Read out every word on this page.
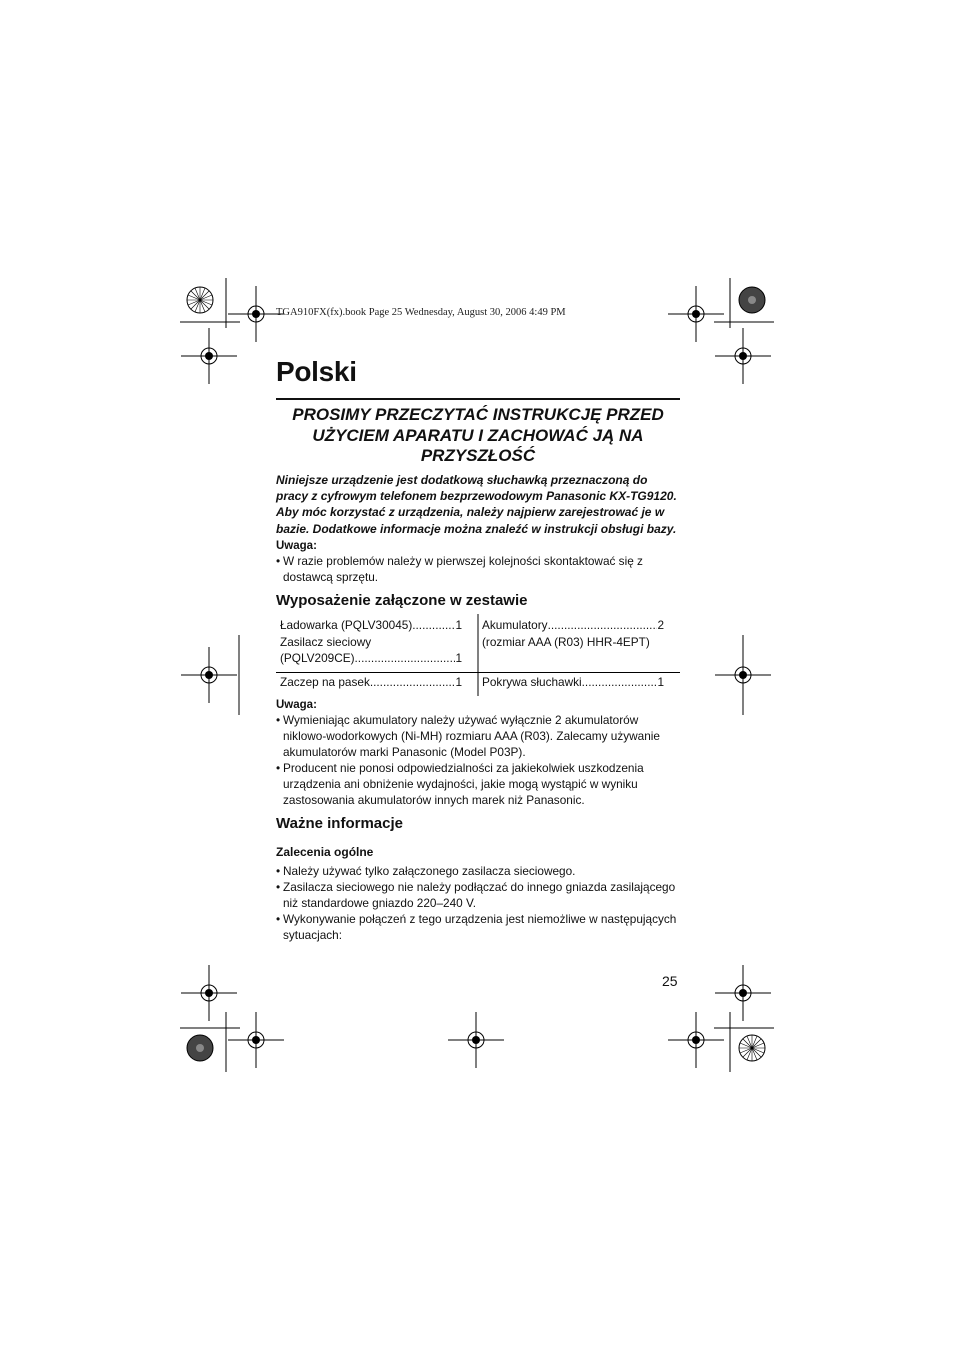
TGA910FX(fx).book Page 25 Wednesday, August 30, 2006 4:49 PM
Polski
PROSIMY PRZECZYTAĆ INSTRUKCJĘ PRZED
UŻYCIEM APARATU I ZACHOWAĆ JĄ NA
PRZYSZŁOŚĆ
Niniejsze urządzenie jest dodatkową słuchawką przeznaczoną do pracy z cyfrowym telefonem bezprzewodowym Panasonic KX-TG9120. Aby móc korzystać z urządzenia, należy najpierw zarejestrować je w bazie. Dodatkowe informacje można znaleźć w instrukcji obsługi bazy.
Uwaga:
• W razie problemów należy w pierwszej kolejności skontaktować się z dostawcą sprzętu.
Wyposażenie załączone w zestawie
Ładowarka (PQLV30045) .....	1
Zasilacz sieciowy
(PQLV209CE) .....	1
Akumulatory .....	2
(rozmiar AAA (R03) HHR-4EPT)
Zaczep na pasek .....	1 Pokrywa słuchawki .....	1
Uwaga:
• Wymieniając akumulatory należy używać wyłącznie 2 akumulatorów niklowo-wodorkowych (Ni-MH) rozmiaru AAA (R03). Zalecamy używanie akumulatorów marki Panasonic (Model P03P).
• Producent nie ponosi odpowiedzialności za jakiekolwiek uszkodzenia urządzenia ani obniżenie wydajności, jakie mogą wystąpić w wyniku zastosowania akumulatorów innych marek niż Panasonic.
Ważne informacje
Zalecenia ogólne
• Należy używać tylko załączonego zasilacza sieciowego.
• Zasilacza sieciowego nie należy podłączać do innego gniazda zasilającego niż standardowe gniazdo 220–240 V.
• Wykonywanie połączeń z tego urządzenia jest niemożliwe w następujących sytuacjach:
25
